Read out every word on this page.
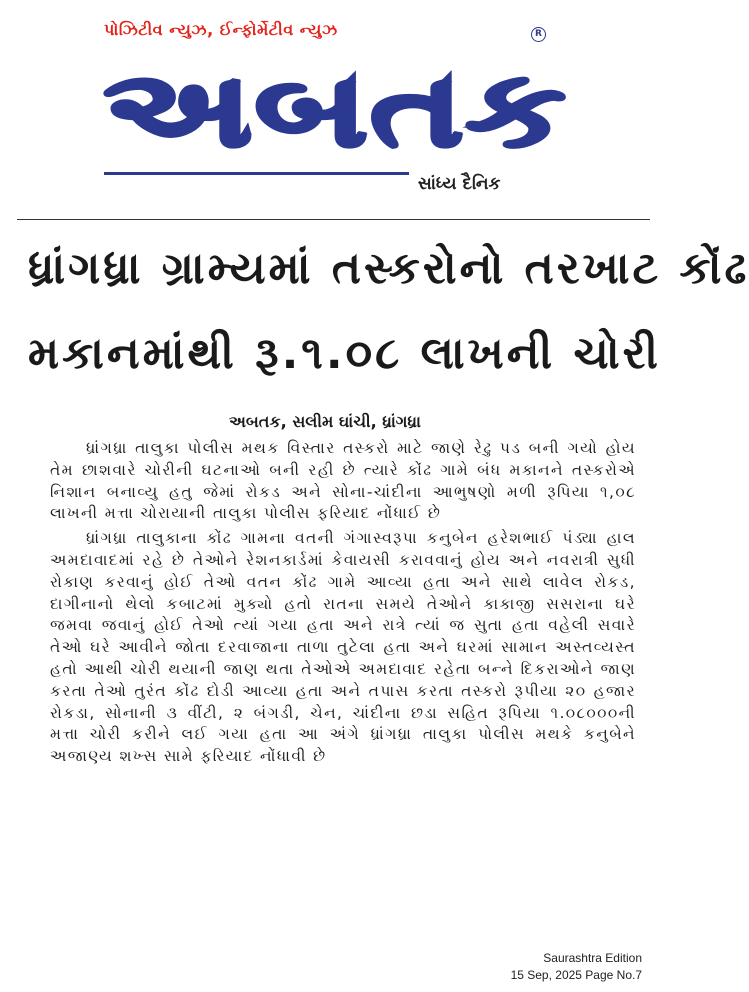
પોઝિટીવ ન્યુઝ, ઈન્ફોર્મેટીવ ન્યુઝ	R
અબતક
સાંધ્ય દૈનિક
ધ્રાંગધ્રા ગ્રામ્યમાં તસ્કરોનો તરખાટ કોંઢ
મકાનમાંથી રૂ.૧.૦૮ લાખની ચોરી
અબતક, સલીમ ઘાંચી, ધ્રાંગધ્રા

ધ્રાંગધ્રા તાલુકા પોલીસ મથક વિસ્તાર તસ્કરો માટે જાણે રેઢુ પડ બની ગયો હોય તેમ છાશવારે ચોરીની ઘટનાઓ બની રહી છે ત્યારે કોંઢ ગામે બંધ મકાનને તસ્કરોએ નિશાન બનાવ્યુ હતુ જેમાં રોકડ અને સોના-ચાંદીના આભુષણો મળી રૂપિયા ૧,૦૮ લાખની મત્તા ચોરાયાની તાલુકા પોલીસ ફરિયાદ નોંધાઈ છે

ધ્રાંગધ્રા તાલુકાના કોંઢ ગામના વતની ગંગાસ્વરૂપા કનુબેન હરેશભાઈ પંડ્યા હાલ અમદાવાદમાં રહે છે તેઓને રેશનકાર્ડમાં કેવાયસી કરાવવાનું હોય અને નવરાત્રી સુધી રોકાણ કરવાનું હોઈ તેઓ વતન કોંઢ ગામે આવ્યા હતા અને સાથે લાવેલ રોકડ, દાગીનાનો થેલો કબાટમાં મુક્યો હતો રાતના સમયે તેઓને કાકાજી સસરાના ઘરે જમવા જવાનું હોઈ તેઓ ત્યાં ગયા હતા અને રાત્રે ત્યાં જ સુતા હતા વહેલી સવારે તેઓ ઘરે આવીને જોતા દરવાજાના તાળા તુટેલા હતા અને ઘરમાં સામાન અસ્તવ્યસ્ત હતો આથી ચોરી થયાની જાણ થતા તેઓએ અમદાવાદ રહેતા બન્ને દિકરાઓને જાણ કરતા તેઓ તુરંત કોંઢ દોડી આવ્યા હતા અને તપાસ કરતા તસ્કરો રૂપીયા ૨૦ હજાર રોકડા, સોનાની ૩ વીંટી, ૨ બંગડી, ચેન, ચાંદીના છડા સહિત રૂપિયા ૧.૦૮૦૦૦ની મત્તા ચોરી કરીને લઈ ગયા હતા આ અંગે ધ્રાંગધ્રા તાલુકા પોલીસ મથકે કનુબેને અજાણ્ય શખ્સ સામે ફરિયાદ નોંધાવી છે

Saurashtra Edition
15 Sep, 2025 Page No.7
